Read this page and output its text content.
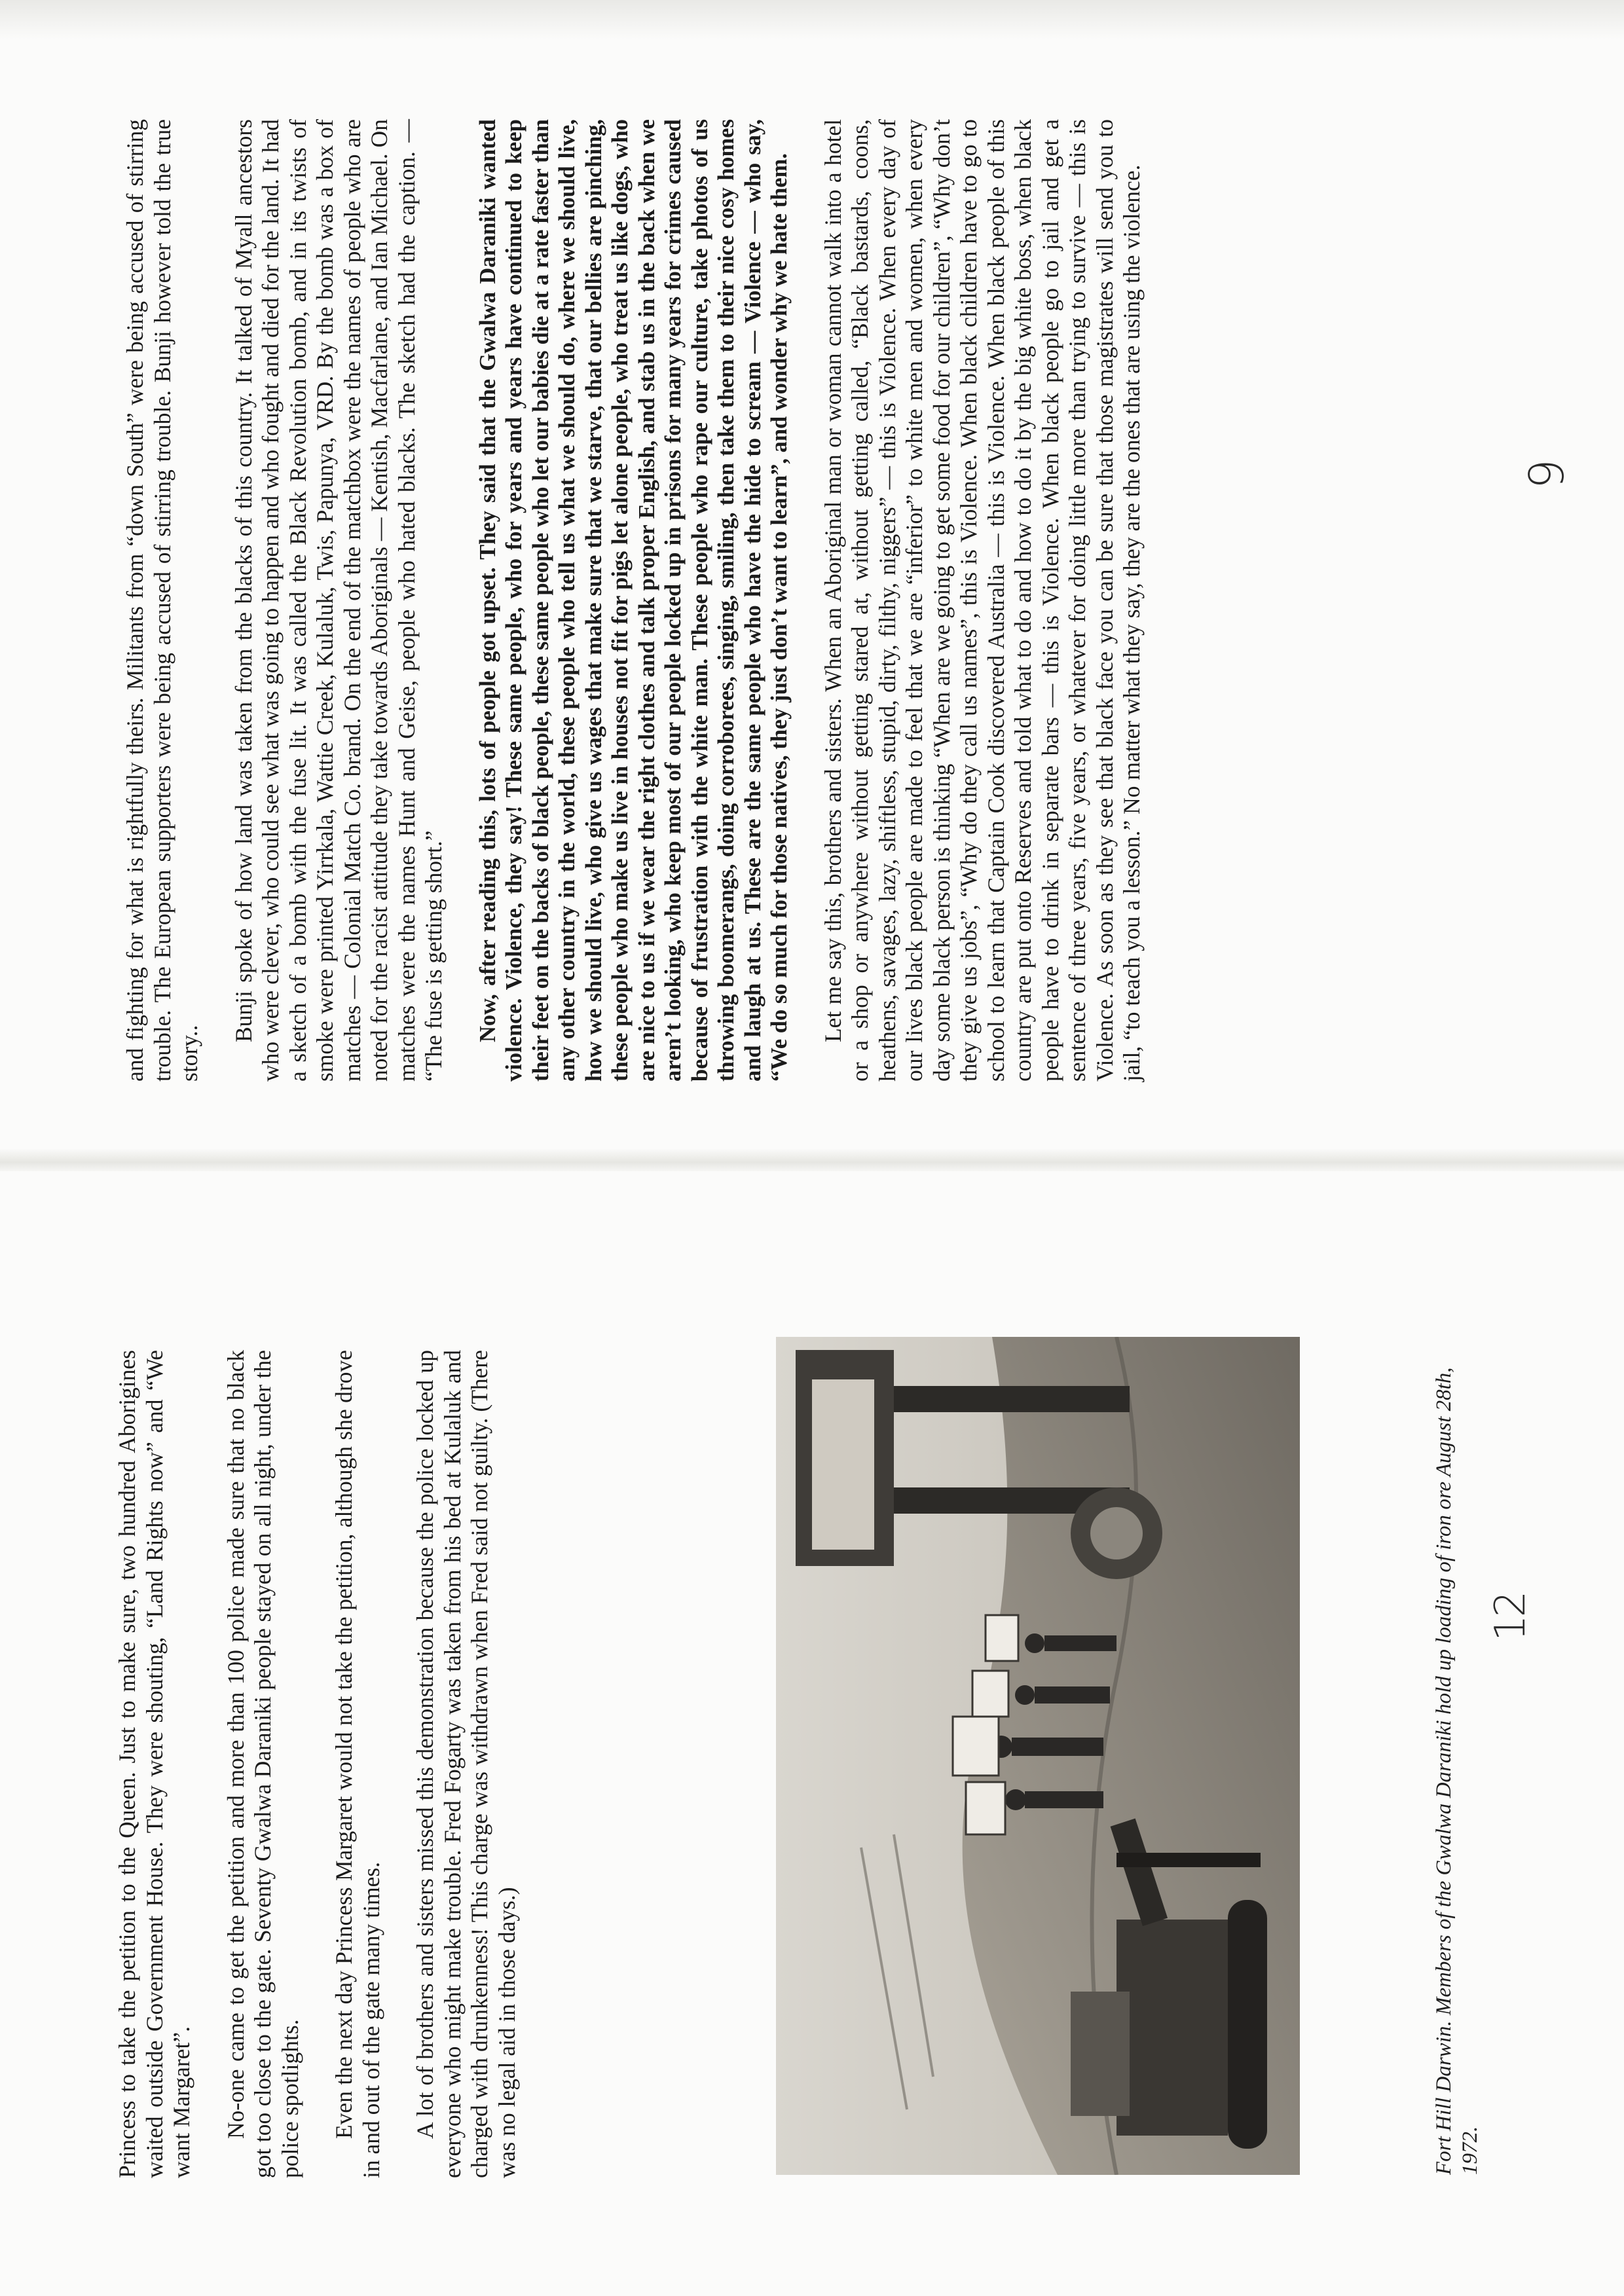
Princess to take the petition to the Queen. Just to make sure, two hundred Aborigines waited outside Government House. They were shouting, “Land Rights now” and “We want Margaret”. No-one came to get the petition and more than 100 police made sure that no black got too close to the gate. Seventy Gwalwa Daraniki people stayed on all night, under the police spotlights. Even the next day Princess Margaret would not take the petition, although she drove in and out of the gate many times. A lot of brothers and sisters missed this demonstration because the police locked up everyone who might make trouble. Fred Fogarty was taken from his bed at Kulaluk and charged with drunkenness! This charge was withdrawn when Fred said not guilty. (There was no legal aid in those days.)	Fort Hill Darwin. Members of the Gwalwa Daraniki hold up loading of iron ore August 28th, 1972.
12

and fighting for what is rightfully theirs. Militants from “down South” were being accused of stirring trouble. The European supporters were being accused of stirring trouble. Bunji however told the true story..

Bunji spoke of how land was taken from the blacks of this country. It talked of Myall ancestors who were clever, who could see what was going to happen and who fought and died for the land. It had a sketch of a bomb with the fuse lit. It was called the Black Revolution bomb, and in its twists of smoke were printed Yirrkala, Wattie Creek, Kulaluk, Twis, Papunya, VRD. By the bomb was a box of matches — Colonial Match Co. brand. On the end of the matchbox were the names of people who are noted for the racist attitude they take towards Aboriginals — Kentish, Macfarlane, and Ian Michael. On matches were the names Hunt and Geise, people who hated blacks. The sketch had the caption. — “The fuse is getting short.” Now, after reading this, lots of people got upset. They said that the Gwalwa Daraniki wanted violence. Violence, they say! These same people, who for years and years have continued to keep their feet on the backs of black people, these same people who let our babies die at a rate faster than any other country in the world, these people who tell us what we should do, where we should live, how we should live, who give us wages that make sure that we starve, that our bellies are pinching, these people who make us live in houses not fit for pigs let alone people, who treat us like dogs, who are nice to us if we wear the right clothes and talk proper English, and stab us in the back when we aren’t looking, who keep most of our people locked up in prisons for many years for crimes caused because of frustration with the white man. These people who rape our culture, take photos of us throwing boomerangs, doing corroborees, singing, smiling, then take them to their nice cosy homes and laugh at us. These are the same people who have the hide to scream — Violence — who say, “We do so much for those natives, they just don’t want to learn”, and wonder why we hate them. Let me say this, brothers and sisters. When an Aboriginal man or woman cannot walk into a hotel or a shop or anywhere without getting stared at, without getting called, “Black bastards, coons, heathens, savages, lazy, shiftless, stupid, dirty, filthy, niggers” — this is Violence. When every day of our lives black people are made to feel that we are “inferior” to white men and women, when every day some black person is thinking “When are we going to get some food for our children”, “Why don’t they give us jobs”, “Why do they call us names”, this is Violence. When black children have to go to school to learn that Captain Cook discovered Australia — this is Violence. When black people of this country are put onto Reserves and told what to do and how to do it by the big white boss, when black people have to drink in separate bars — this is Violence. When black people go to jail and get a sentence of three years, five years, or whatever for doing little more than trying to survive — this is Violence. As soon as they see that black face you can be sure that those magistrates will send you to jail, “to teach you a lesson.” No matter what they say, they are the ones that are using the violence.	9
